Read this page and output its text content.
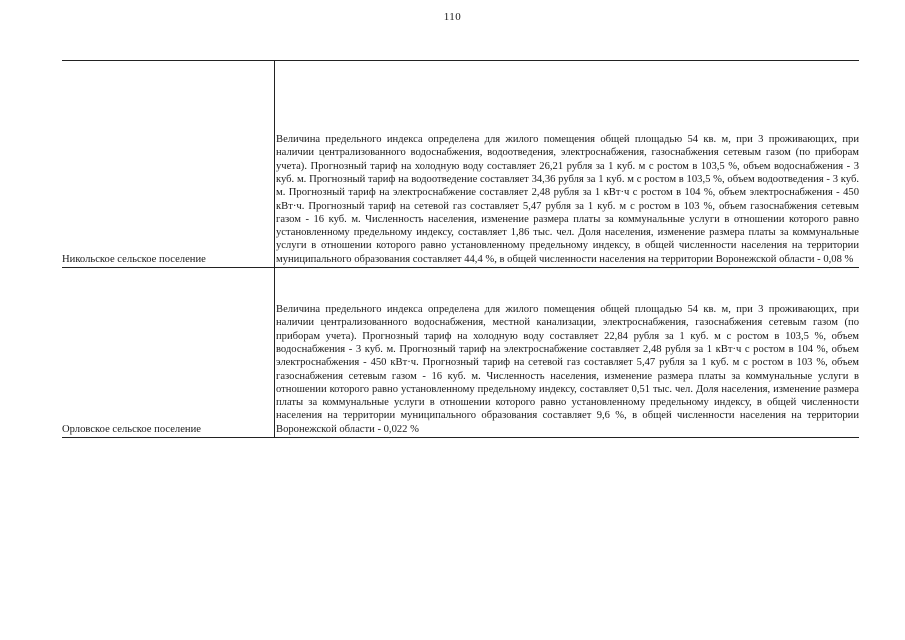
110
Никольское сельское поселение	Величина предельного индекса определена для жилого помещения общей площадью 54 кв. м, при 3 проживающих, при наличии централизованного водоснабжения, водоотведения, электроснабжения, газоснабжения сетевым газом (по приборам учета). Прогнозный тариф на холодную воду составляет 26,21 рубля за 1 куб. м с ростом в 103,5 %, объем водоснабжения - 3 куб. м. Прогнозный тариф на водоотведение составляет 34,36 рубля за 1 куб. м с ростом в 103,5 %, объем водоотведения - 3 куб. м. Прогнозный тариф на электроснабжение составляет 2,48 рубля за 1 кВт·ч с ростом в 104 %, объем электроснабжения - 450 кВт·ч. Прогнозный тариф на сетевой газ составляет 5,47 рубля за 1 куб. м с ростом в 103 %, объем газоснабжения сетевым газом - 16 куб. м. Численность населения, изменение размера платы за коммунальные услуги в отношении которого равно установленному предельному индексу, составляет 1,86 тыс. чел. Доля населения, изменение размера платы за коммунальные услуги в отношении которого равно установленному предельному индексу, в общей численности населения на территории муниципального образования составляет 44,4 %, в общей численности населения на территории Воронежской области - 0,08 %
Орловское сельское поселение	Величина предельного индекса определена для жилого помещения общей площадью 54 кв. м, при 3 проживающих, при наличии централизованного водоснабжения, местной канализации, электроснабжения, газоснабжения сетевым газом (по приборам учета). Прогнозный тариф на холодную воду составляет 22,84 рубля за 1 куб. м с ростом в 103,5 %, объем водоснабжения - 3 куб. м. Прогнозный тариф на электроснабжение составляет 2,48 рубля за 1 кВт·ч с ростом в 104 %, объем электроснабжения - 450 кВт·ч. Прогнозный тариф на сетевой газ составляет 5,47 рубля за 1 куб. м с ростом в 103 %, объем газоснабжения сетевым газом - 16 куб. м. Численность населения, изменение размера платы за коммунальные услуги в отношении которого равно установленному предельному индексу, составляет 0,51 тыс. чел. Доля населения, изменение размера платы за коммунальные услуги в отношении которого равно установленному предельному индексу, в общей численности населения на территории муниципального образования составляет 9,6 %, в общей численности населения на территории Воронежской области - 0,022 %
